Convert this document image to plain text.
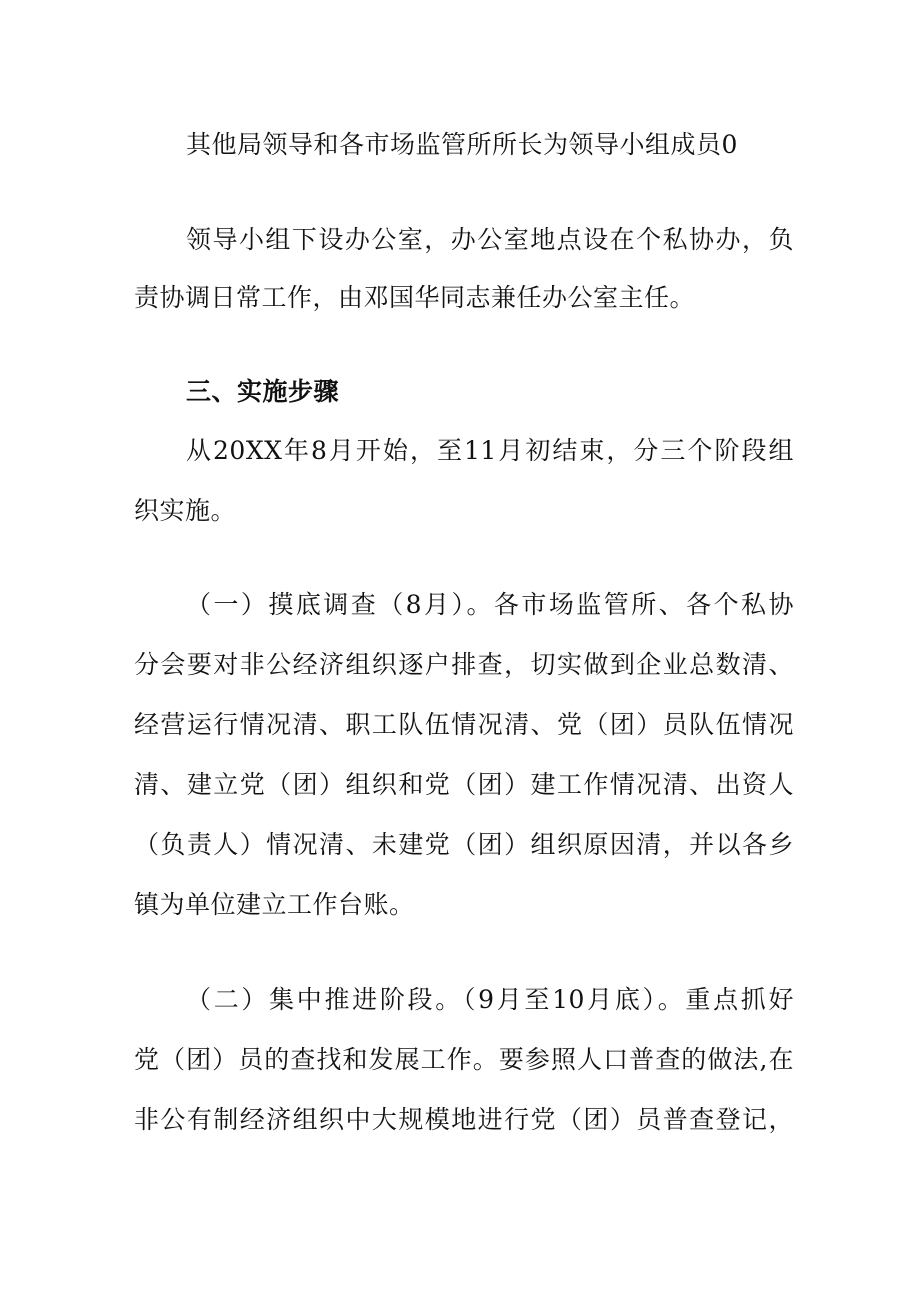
其他局领导和各市场监管所所长为领导小组成员0
领导小组下设办公室，办公室地点设在个私协办，负
责协调日常工作，由邓国华同志兼任办公室主任。
三、实施步骤
从20XX年8月开始，至11月初结束，分三个阶段组
织实施。
（一）摸底调查（8月）。各市场监管所、各个私协
分会要对非公经济组织逐户排查，切实做到企业总数清、
经营运行情况清、职工队伍情况清、党（团）员队伍情况
清、建立党（团）组织和党（团）建工作情况清、出资人
（负责人）情况清、未建党（团）组织原因清，并以各乡
镇为单位建立工作台账。
（二）集中推进阶段。（9月至10月底）。重点抓好
党（团）员的查找和发展工作。要参照人口普查的做法,在
非公有制经济组织中大规模地进行党（团）员普查登记，
